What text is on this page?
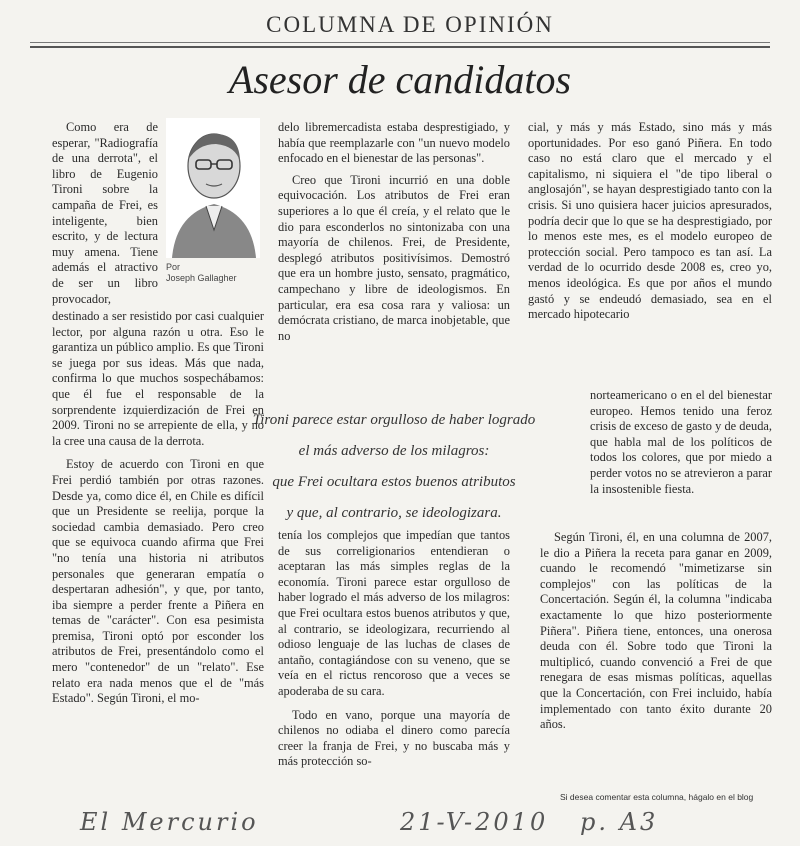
COLUMNA DE OPINIÓN
Asesor de candidatos

Como era de esperar, "Radiografía de una derrota", el libro de Eugenio Tironi sobre la campaña de Frei, es inteligente, bien escrito, y de lectura muy amena. Tiene además el atractivo de ser un libro provocador,

Por
Joseph Gallagher

destinado a ser resistido por casi cualquier lector, por alguna razón u otra. Eso le garantiza un público amplio. Es que Tironi se juega por sus ideas. Más que nada, confirma lo que muchos sospechábamos: que él fue el responsable de la sorprendente izquierdización de Frei en 2009. Tironi no se arrepiente de ella, y no la cree una causa de la derrota.

Estoy de acuerdo con Tironi en que Frei perdió también por otras razones. Desde ya, como dice él, en Chile es difícil que un Presidente se reelija, porque la sociedad cambia demasiado. Pero creo que se equivoca cuando afirma que Frei "no tenía una historia ni atributos personales que generaran empatía o despertaran adhesión", y que, por tanto, iba siempre a perder frente a Piñera en temas de "carácter". Con esa pesimista premisa, Tironi optó por esconder los atributos de Frei, presentándolo como el mero "contenedor" de un "relato". Ese relato era nada menos que el de "más Estado". Según Tironi, el mo-

delo libremercadista estaba desprestigiado, y había que reemplazarle con "un nuevo modelo enfocado en el bienestar de las personas".

Creo que Tironi incurrió en una doble equivocación. Los atributos de Frei eran superiores a lo que él creía, y el relato que le dio para esconderlos no sintonizaba con una mayoría de chilenos. Frei, de Presidente, desplegó atributos positivísimos. Demostró que era un hombre justo, sensato, pragmático, campechano y libre de ideologismos. En particular, era esa cosa rara y valiosa: un demócrata cristiano, de marca inobjetable, que no

Tironi parece estar orgulloso de haber logrado
el más adverso de los milagros:
que Frei ocultara estos buenos atributos
y que, al contrario, se ideologizara.

tenía los complejos que impedían que tantos de sus correligionarios entendieran o aceptaran las más simples reglas de la economía. Tironi parece estar orgulloso de haber logrado el más adverso de los milagros: que Frei ocultara estos buenos atributos y que, al contrario, se ideologizara, recurriendo al odioso lenguaje de las luchas de clases de antaño, contagiándose con su veneno, que se veía en el rictus rencoroso que a veces se apoderaba de su cara.

Todo en vano, porque una mayoría de chilenos no odiaba el dinero como parecía creer la franja de Frei, y no buscaba más y más protección so-

cial, y más y más Estado, sino más y más oportunidades. Por eso ganó Piñera. En todo caso no está claro que el mercado y el capitalismo, ni siquiera el "de tipo liberal o anglosajón", se hayan desprestigiado tanto con la crisis. Si uno quisiera hacer juicios apresurados, podría decir que lo que se ha desprestigiado, por lo menos este mes, es el modelo europeo de protección social. Pero tampoco es tan así. La verdad de lo ocurrido desde 2008 es, creo yo, menos ideológica. Es que por años el mundo gastó y se endeudó demasiado, sea en el mercado hipotecario

norteamericano o en el del bienestar europeo. Hemos tenido una feroz crisis de exceso de gasto y de deuda, que habla mal de los políticos de todos los colores, que por miedo a perder votos no se atrevieron a parar la insostenible fiesta.

Según Tironi, él, en una columna de 2007, le dio a Piñera la receta para ganar en 2009, cuando le recomendó "mimetizarse sin complejos" con las políticas de la Concertación. Según él, la columna "indicaba exactamente lo que hizo posteriormente Piñera". Piñera tiene, entonces, una onerosa deuda con él. Sobre todo que Tironi la multiplicó, cuando convenció a Frei de que renegara de esas mismas políticas, aquellas que la Concertación, con Frei incluido, había implementado con tanto éxito durante 20 años.

Si desea comentar esta columna, hágalo en el blog
El Mercurio	21-V-2010 p. A3
